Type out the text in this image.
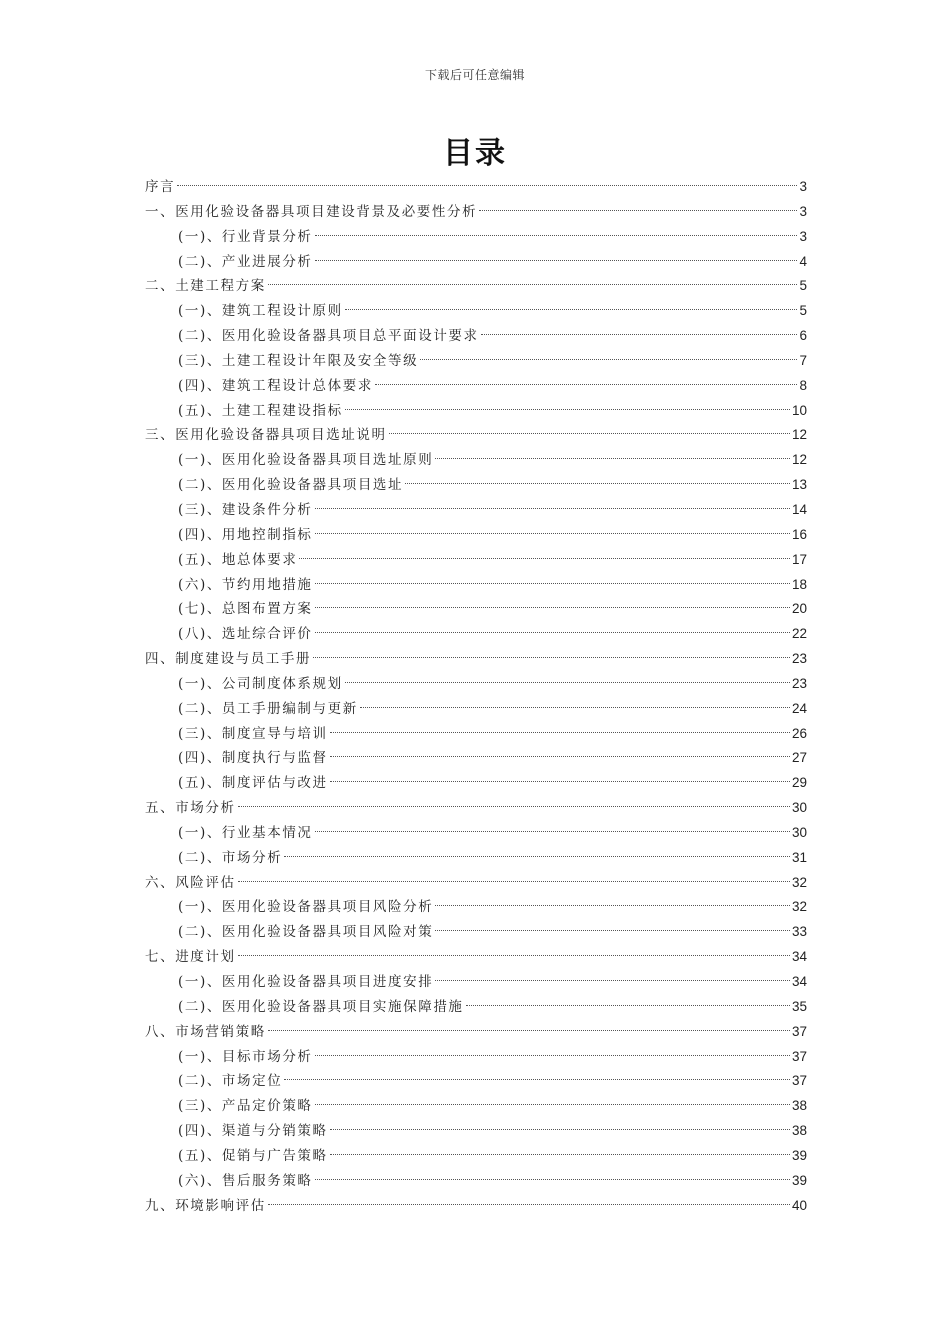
下载后可任意编辑
目录
序言	3
一、医用化验设备器具项目建设背景及必要性分析	3
(一)、行业背景分析	3
(二)、产业进展分析	4
二、土建工程方案	5
(一)、建筑工程设计原则	5
(二)、医用化验设备器具项目总平面设计要求	6
(三)、土建工程设计年限及安全等级	7
(四)、建筑工程设计总体要求	8
(五)、土建工程建设指标	10
三、医用化验设备器具项目选址说明	12
(一)、医用化验设备器具项目选址原则	12
(二)、医用化验设备器具项目选址	13
(三)、建设条件分析	14
(四)、用地控制指标	16
(五)、地总体要求	17
(六)、节约用地措施	18
(七)、总图布置方案	20
(八)、选址综合评价	22
四、制度建设与员工手册	23
(一)、公司制度体系规划	23
(二)、员工手册编制与更新	24
(三)、制度宣导与培训	26
(四)、制度执行与监督	27
(五)、制度评估与改进	29
五、市场分析	30
(一)、行业基本情况	30
(二)、市场分析	31
六、风险评估	32
(一)、医用化验设备器具项目风险分析	32
(二)、医用化验设备器具项目风险对策	33
七、进度计划	34
(一)、医用化验设备器具项目进度安排	34
(二)、医用化验设备器具项目实施保障措施	35
八、市场营销策略	37
(一)、目标市场分析	37
(二)、市场定位	37
(三)、产品定价策略	38
(四)、渠道与分销策略	38
(五)、促销与广告策略	39
(六)、售后服务策略	39
九、环境影响评估	40
